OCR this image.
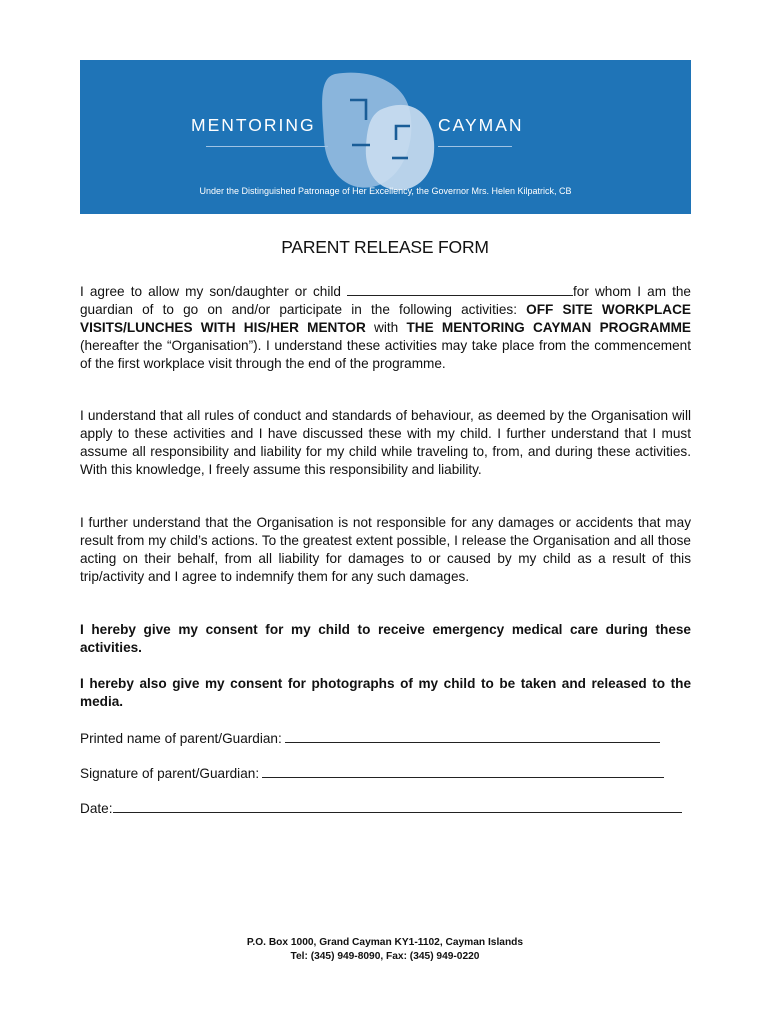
MENTORING	CAYMAN
Under the Distinguished Patronage of Her Excellency, the Governor Mrs. Helen Kilpatrick, CB
PARENT RELEASE FORM

I agree to allow my son/daughter or child	for whom I am the guardian of to go on and/or participate in the following activities: OFF SITE WORKPLACE VISITS/LUNCHES WITH HIS/HER MENTOR with THE MENTORING CAYMAN PROGRAMME (hereafter the “Organisation”). I understand these activities may take place from the commencement of the first workplace visit through the end of the programme.

I understand that all rules of conduct and standards of behaviour, as deemed by the Organisation will apply to these activities and I have discussed these with my child. I further understand that I must assume all responsibility and liability for my child while traveling to, from, and during these activities. With this knowledge, I freely assume this responsibility and liability.

I further understand that the Organisation is not responsible for any damages or accidents that may result from my child’s actions. To the greatest extent possible, I release the Organisation and all those acting on their behalf, from all liability for damages to or caused by my child as a result of this trip/activity and I agree to indemnify them for any such damages.

I hereby give my consent for my child to receive emergency medical care during these activities.

I hereby also give my consent for photographs of my child to be taken and released to the media.

Printed name of parent/Guardian:
Signature of parent/Guardian:
Date:
P.O. Box 1000, Grand Cayman KY1-1102, Cayman Islands
Tel: (345) 949-8090, Fax: (345) 949-0220
